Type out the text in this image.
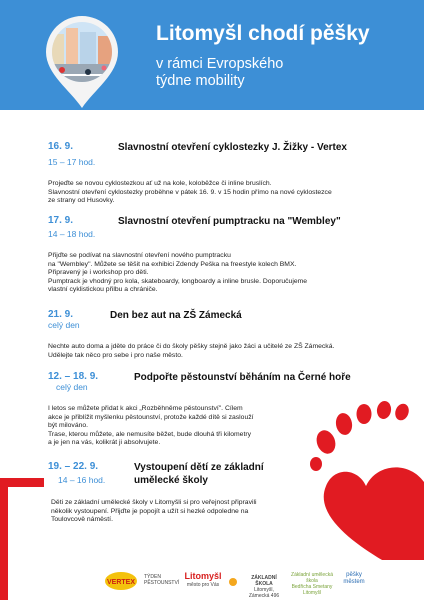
Litomyšl chodí pěšky
v rámci Evropského
týdne mobility
16. 9.
15 – 17 hod.
Slavnostní otevření cyklostezky J. Žižky - Vertex
Projeďte se novou cyklostezkou ať už na kole, koloběžce či inline bruslích.
Slavnostní otevření cyklostezky proběhne v pátek 16. 9. v 15 hodin přímo na nové cyklostezce
ze strany od Husovky.
17. 9.
14 – 18 hod.
Slavnostní otevření pumptracku na "Wembley"
Přijďte se podívat na slavnostní otevření nového pumptracku
na "Wembley". Můžete se těšit na exhibici Zdendy Peška na freestyle kolech BMX.
Připravený je i workshop pro děti.
Pumptrack je vhodný pro kola, skateboardy, longboardy a inline brusle. Doporučujeme
vlastní cyklistickou přilbu a chrániče.
21. 9.
celý den
Den bez aut na ZŠ Zámecká
Nechte auto doma a jděte do práce či do školy pěšky stejně jako žáci a učitelé ze ZŠ Zámecká.
Udělejte tak něco pro sebe i pro naše město.
12. – 18. 9.
celý den
Podpořte pěstounství běháním na Černé hoře
I letos se můžete přidat k akci „Rozběhněme pěstounství". Cílem
akce je přiblížit myšlenku pěstounství, protože každé dítě si zaslouží
být milováno.
Trase, kterou můžete, ale nemusíte běžet, bude dlouhá tři kilometry
a je jen na vás, kolikrát ji absolvujete.
19. – 22. 9.
14 – 16 hod.
Vystoupení dětí ze základní
umělecké školy
Děti ze základní umělecké školy v Litomyšli si pro veřejnost připravili
několik vystoupení. Přijďte je popojít a užít si hezké odpoledne na
Toulovcově náměstí.
VERTEX
TÝDEN
PĚSTOUNSTVÍ
Litomyšl
město pro Vás
ZÁKLADNÍ ŠKOLA
Litomyšl, Zámecká 496
Základní umělecká škola
Bedřicha Smetany
Litomyšl
pěšky
městem
